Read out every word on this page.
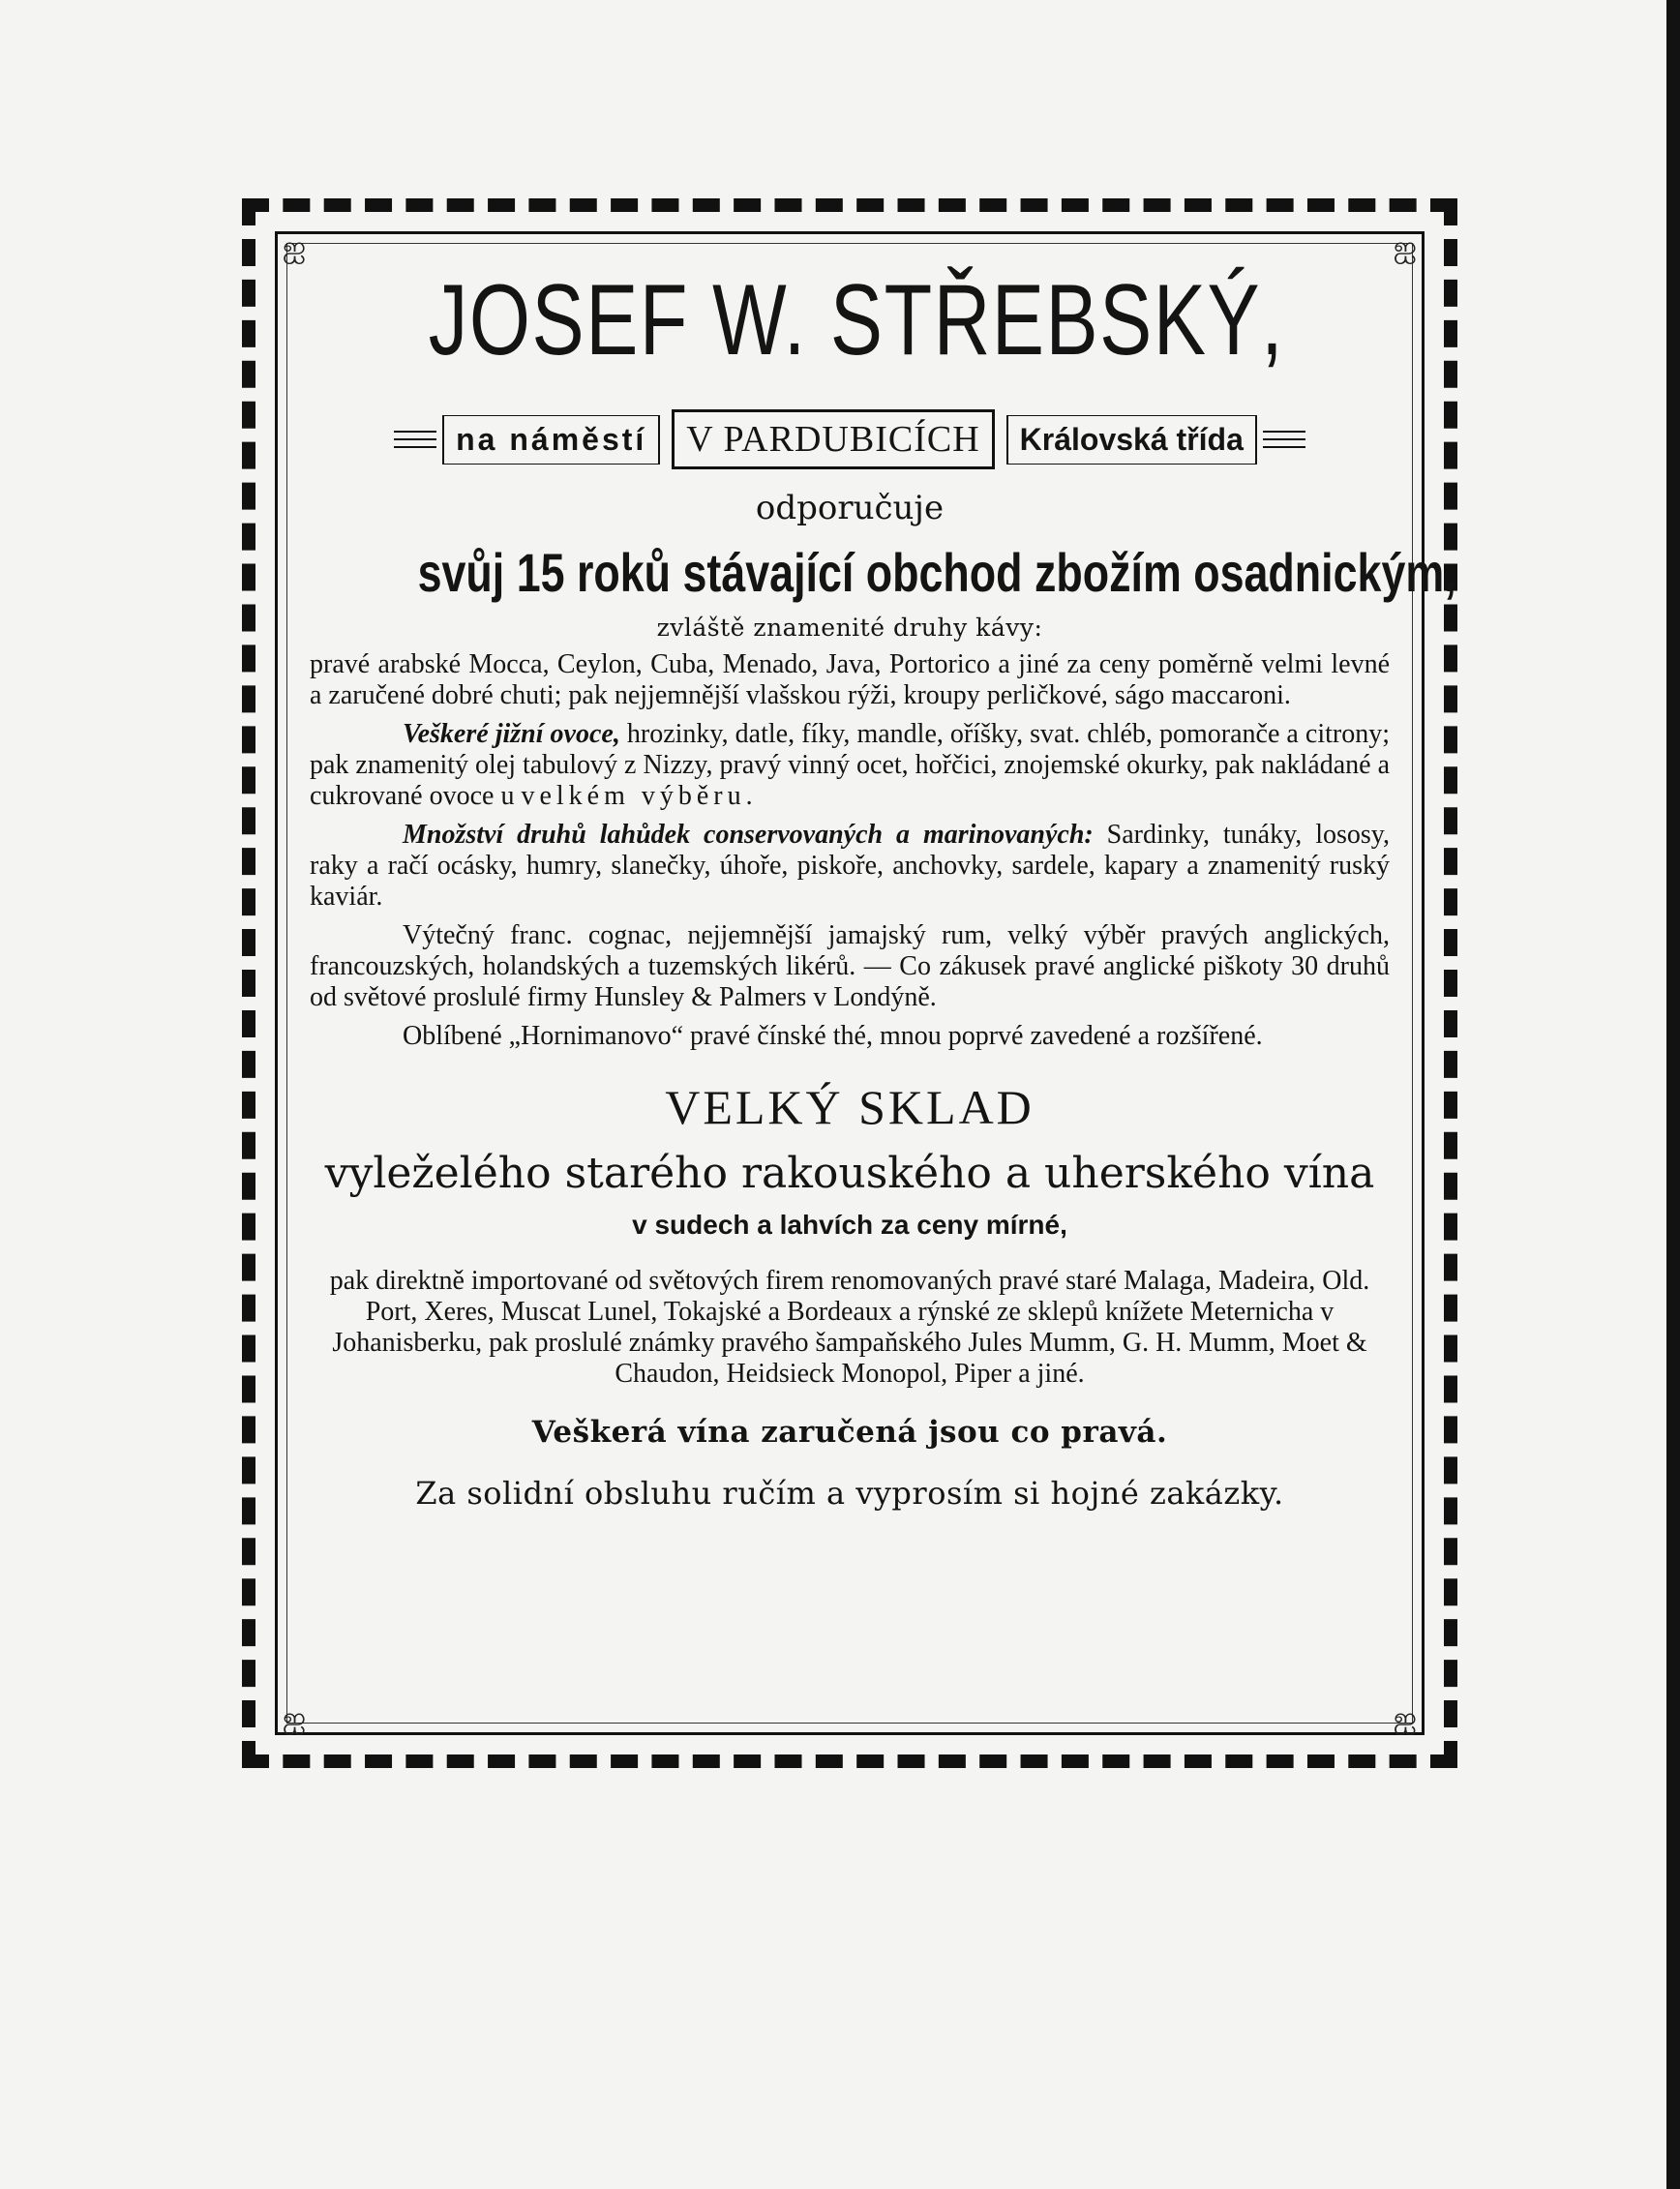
ஐ	ஐ
ஐ	ஐ
JOSEF W. STŘEBSKÝ,
na náměstí	V PARDUBICÍCH	Královská třída
odporučuje
svůj 15 roků stávající obchod zbožím osadnickým,
zvláště znamenité druhy kávy:

pravé arabské Mocca, Ceylon, Cuba, Menado, Java, Portorico a jiné za ceny poměrně velmi levné a zaručené dobré chuti; pak nejjemnější vlašskou rýži, kroupy perličkové, ságo maccaroni.

Veškeré jižní ovoce, hrozinky, datle, fíky, mandle, oříšky, svat. chléb, pomoranče a citrony; pak znamenitý olej tabulový z Nizzy, pravý vinný ocet, hořčici, znojemské okurky, pak nakládané a cukrované ovoce u velkém výběru.

Množství druhů lahůdek conservovaných a marinovaných: Sardinky, tunáky, lososy, raky a račí ocásky, humry, slanečky, úhoře, piskoře, anchovky, sardele, kapary a znamenitý ruský kaviár.

Výtečný franc. cognac, nejjemnější jamajský rum, velký výběr pravých anglických, francouzských, holandských a tuzemských likérů. — Co zákusek pravé anglické piškoty 30 druhů od světové proslulé firmy Hunsley & Palmers v Londýně.

Oblíbené „Hornimanovo“ pravé čínské thé, mnou poprvé zavedené a rozšířené.

VELKÝ SKLAD
vyleželého starého rakouského a uherského vína
v sudech a lahvích za ceny mírné,

pak direktně importované od světových firem renomovaných pravé staré Malaga, Madeira, Old. Port, Xeres, Muscat Lunel, Tokajské a Bordeaux a rýnské ze sklepů knížete Meternicha v Johanisberku, pak proslulé známky pravého šampaňského Jules Mumm, G. H. Mumm, Moet & Chaudon, Heidsieck Monopol, Piper a jiné.

Veškerá vína zaručená jsou co pravá.
Za solidní obsluhu ručím a vyprosím si hojné zakázky.
